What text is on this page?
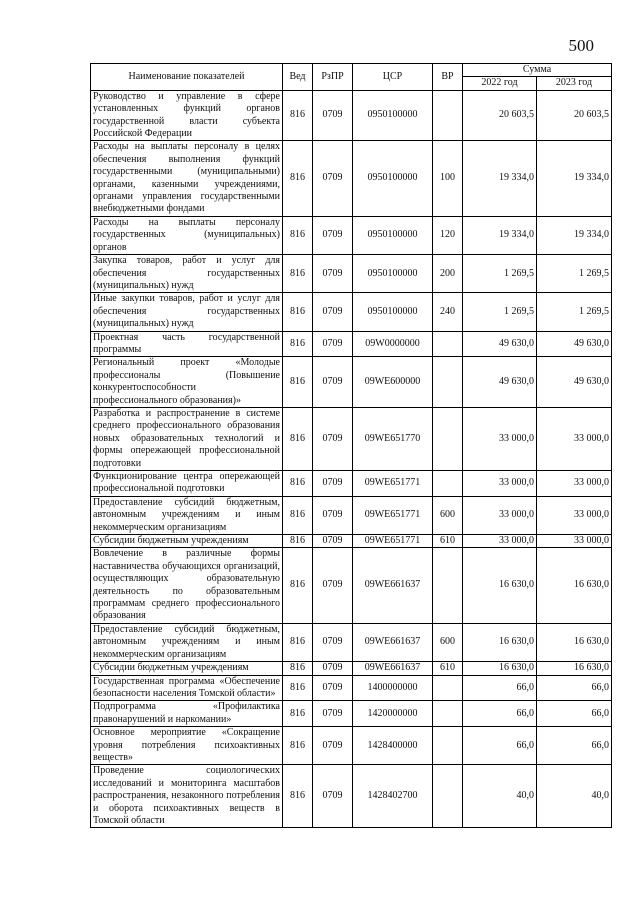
500
Наименование показателей	Вед	РзПР	ЦСР	ВР	Сумма	
					2022 год	2023 год
Руководство и управление в сфере установленных функций органов государственной власти субъекта Российской Федерации	816	0709	0950100000		20 603,5	20 603,5
Расходы на выплаты персоналу в целях обеспечения выполнения функций государственными (муниципальными) органами, казенными учреждениями, органами управления государственными внебюджетными фондами	816	0709	0950100000	100	19 334,0	19 334,0
Расходы на выплаты персоналу государственных (муниципальных) органов	816	0709	0950100000	120	19 334,0	19 334,0
Закупка товаров, работ и услуг для обеспечения государственных (муниципальных) нужд	816	0709	0950100000	200	1 269,5	1 269,5
Иные закупки товаров, работ и услуг для обеспечения государственных (муниципальных) нужд	816	0709	0950100000	240	1 269,5	1 269,5
Проектная часть государственной программы	816	0709	09W0000000		49 630,0	49 630,0
Региональный проект «Молодые профессионалы (Повышение конкурентоспособности профессионального образования)»	816	0709	09WE600000		49 630,0	49 630,0
Разработка и распространение в системе среднего профессионального образования новых образовательных технологий и формы опережающей профессиональной подготовки	816	0709	09WE651770		33 000,0	33 000,0
Функционирование центра опережающей профессиональной подготовки	816	0709	09WE651771		33 000,0	33 000,0
Предоставление субсидий бюджетным, автономным учреждениям и иным некоммерческим организациям	816	0709	09WE651771	600	33 000,0	33 000,0
Субсидии бюджетным учреждениям	816	0709	09WE651771	610	33 000,0	33 000,0
Вовлечение в различные формы наставничества обучающихся организаций, осуществляющих образовательную деятельность по образовательным программам среднего профессионального образования	816	0709	09WE661637		16 630,0	16 630,0
Предоставление субсидий бюджетным, автономным учреждениям и иным некоммерческим организациям	816	0709	09WE661637	600	16 630,0	16 630,0
Субсидии бюджетным учреждениям	816	0709	09WE661637	610	16 630,0	16 630,0
Государственная программа «Обеспечение безопасности населения Томской области»	816	0709	1400000000		66,0	66,0
Подпрограмма «Профилактика правонарушений и наркомании»	816	0709	1420000000		66,0	66,0
Основное мероприятие «Сокращение уровня потребления психоактивных веществ»	816	0709	1428400000		66,0	66,0
Проведение социологических исследований и мониторинга масштабов распространения, незаконного потребления и оборота психоактивных веществ в Томской области	816	0709	1428402700		40,0	40,0
